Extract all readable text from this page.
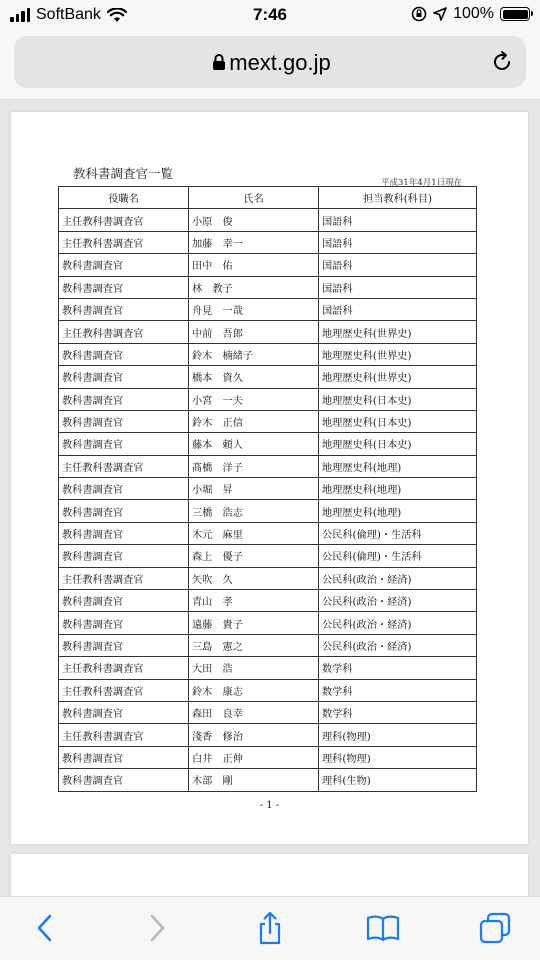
SoftBank	7:46	100%
mext.go.jp
教科書調査官一覧
平成31年4月1日現在
役職名	氏名	担当教科(科目)
主任教科書調査官	小原　俊	国語科
主任教科書調査官	加藤　幸一	国語科
教科書調査官	田中　佑	国語科
教科書調査官	林　教子	国語科
教科書調査官	舟見　一哉	国語科
主任教科書調査官	中前　吾郎	地理歴史科(世界史)
教科書調査官	鈴木　楠緒子	地理歴史科(世界史)
教科書調査官	橋本　資久	地理歴史科(世界史)
教科書調査官	小宮　一夫	地理歴史科(日本史)
教科書調査官	鈴木　正信	地理歴史科(日本史)
教科書調査官	藤本　頼人	地理歴史科(日本史)
主任教科書調査官	髙橋　洋子	地理歴史科(地理)
教科書調査官	小堀　昇	地理歴史科(地理)
教科書調査官	三橋　浩志	地理歴史科(地理)
教科書調査官	木元　麻里	公民科(倫理)・生活科
教科書調査官	森上　優子	公民科(倫理)・生活科
主任教科書調査官	矢吹　久	公民科(政治・経済)
教科書調査官	青山　孝	公民科(政治・経済)
教科書調査官	遠藤　貴子	公民科(政治・経済)
教科書調査官	三島　憲之	公民科(政治・経済)
主任教科書調査官	大田　浩	数学科
主任教科書調査官	鈴木　康志	数学科
教科書調査官	森田　良幸	数学科
主任教科書調査官	淺香　修治	理科(物理)
教科書調査官	白井　正伸	理科(物理)
教科書調査官	木部　剛	理科(生物)
- 1 -
